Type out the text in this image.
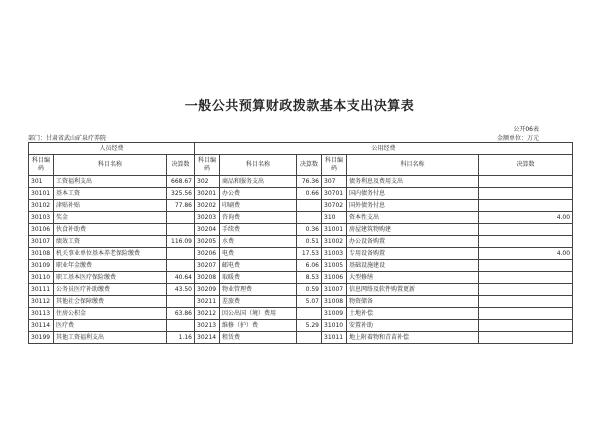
一般公共预算财政拨款基本支出决算表
公开06表
部门：甘肃省武山矿泉疗养院	金额单位：万元
人员经费			公用经费					
科目编码	科目名称	决算数	科目编码	科目名称	决算数	科目编码	科目名称	决算数
301	工资福利支出	668.67	302	商品和服务支出	76.36	307	债务利息及费用支出	
30101	基本工资	325.56	30201	办公费	0.66	30701	国内债务付息	
30102	津贴补贴	77.86	30202	印刷费		30702	国外债务付息	
30103	奖金		30203	咨询费		310	资本性支出	4.00
30106	伙食补助费		30204	手续费	0.36	31001	房屋建筑物购建	
30107	绩效工资	116.09	30205	水费	0.51	31002	办公设备购置	
30108	机关事业单位基本养老保险缴费		30206	电费	17.53	31003	专用设备购置	4.00
30109	职业年金缴费		30207	邮电费	6.06	31005	基础设施建设	
30110	职工基本医疗保险缴费	40.64	30208	取暖费	8.53	31006	大型修缮	
30111	公务员医疗补助缴费	43.50	30209	物业管理费	0.59	31007	信息网络及软件购置更新	
30112	其他社会保障缴费		30211	差旅费	5.07	31008	物资储备	
30113	住房公积金	63.86	30212	因公出国（境）费用		31009	土地补偿	
30114	医疗费		30213	维修（护）费	5.29	31010	安置补助	
30199	其他工资福利支出	1.16	30214	租赁费		31011	地上附着物和青苗补偿	
